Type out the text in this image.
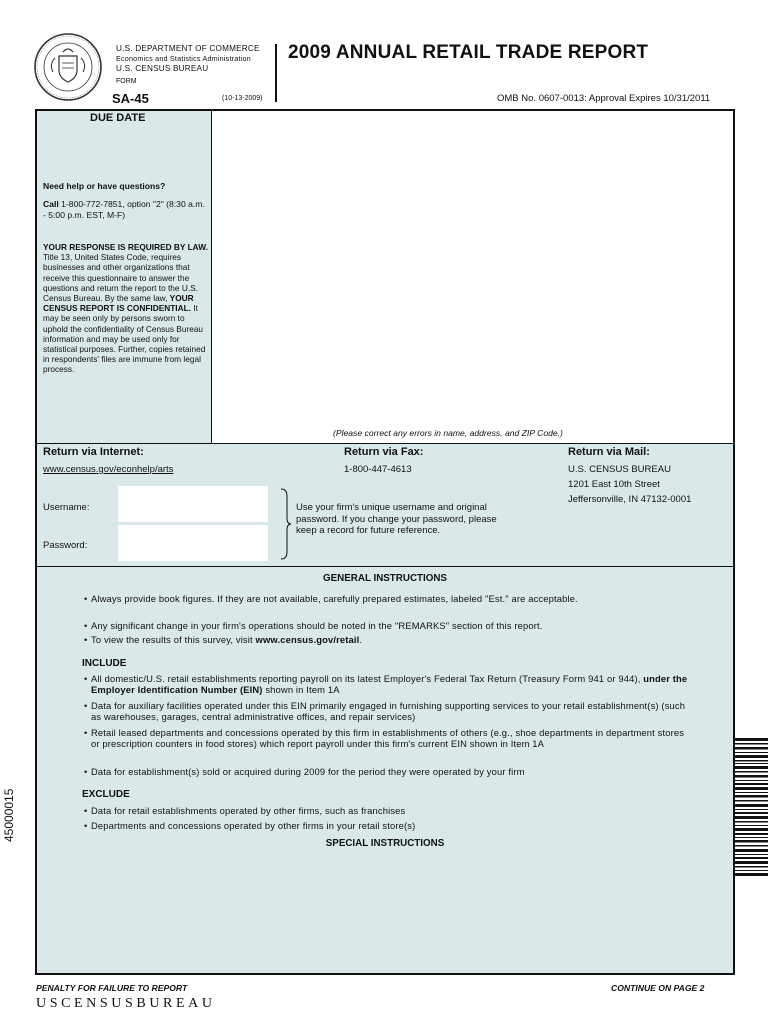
U.S. DEPARTMENT OF COMMERCE
Economics and Statistics Administration
U.S. CENSUS BUREAU
FORM
SA-45	(10-13-2009)
2009 ANNUAL RETAIL TRADE REPORT
OMB No. 0607-0013: Approval Expires 10/31/2011
DUE DATE
Need help or have questions?
Call 1-800-772-7851, option "2" (8:30 a.m. - 5:00 p.m. EST, M-F)
YOUR RESPONSE IS REQUIRED BY LAW. Title 13, United States Code, requires businesses and other organizations that receive this questionnaire to answer the questions and return the report to the U.S. Census Bureau. By the same law, YOUR CENSUS REPORT IS CONFIDENTIAL. It may be seen only by persons sworn to uphold the confidentiality of Census Bureau information and may be used only for statistical purposes. Further, copies retained in respondents' files are immune from legal process.
(Please correct any errors in name, address, and ZIP Code.)
Return via Internet:
www.census.gov/econhelp/arts
Username:
Password:
Use your firm's unique username and original password. If you change your password, please keep a record for future reference.
Return via Fax:
1-800-447-4613
Return via Mail:
U.S. CENSUS BUREAU
1201 East 10th Street
Jeffersonville, IN 47132-0001
GENERAL INSTRUCTIONS
• Always provide book figures. If they are not available, carefully prepared estimates, labeled "Est." are acceptable.
• Any significant change in your firm's operations should be noted in the "REMARKS" section of this report.
• To view the results of this survey, visit www.census.gov/retail.
INCLUDE
• All domestic/U.S. retail establishments reporting payroll on its latest Employer's Federal Tax Return (Treasury Form 941 or 944), under the Employer Identification Number (EIN) shown in Item 1A
• Data for auxiliary facilities operated under this EIN primarily engaged in furnishing supporting services to your retail establishment(s) (such as warehouses, garages, central administrative offices, and repair services)
• Retail leased departments and concessions operated by this firm in establishments of others (e.g., shoe departments in department stores or prescription counters in food stores) which report payroll under this firm's current EIN shown in Item 1A
• Data for establishment(s) sold or acquired during 2009 for the period they were operated by your firm
EXCLUDE
• Data for retail establishments operated by other firms, such as franchises
• Departments and concessions operated by other firms in your retail store(s)
SPECIAL INSTRUCTIONS
45000015
PENALTY FOR FAILURE TO REPORT	CONTINUE ON PAGE 2
USCENSUSBUREAU
